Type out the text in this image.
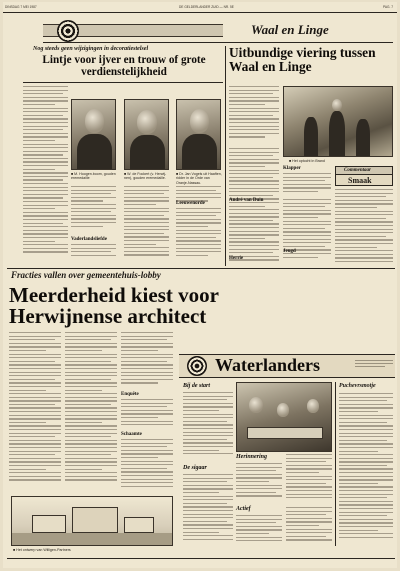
DINSDAG 7 MEI 1987	DE GELDERLANDER ZUID — NR. 5E	PAG. 7
Waal en Linge
Nog steeds geen wijzigingen in decoratiestelsel
Lintje voor ijver en trouw of grote verdienstelijkheid
■ M. Hoogen.boom, gouden eremedaille
■ W. de Fockert (v. Herwij-nen), gouden eremedaille.
■ Dr. Jan Vogels uit Haaften, ridder in de Orde van Oranje-Nassau.
Vaderlandsliefde
Leeuwenorde
Uitbundige viering tussen Waal en Linge
■ Het optocht in Brand
Klapper
André van Duin
Jeugd
Herrie
Commentaar
Smaak
Fracties vallen over gemeentehuis-lobby
Meerderheid kiest voor Herwijnense architect
Enquête
Schaamte
■ Het ontwerp van Willigen-Partners
Waterlanders
Bij de start
De sigaar
Herinnering
Actief
Puchevrsmotje
